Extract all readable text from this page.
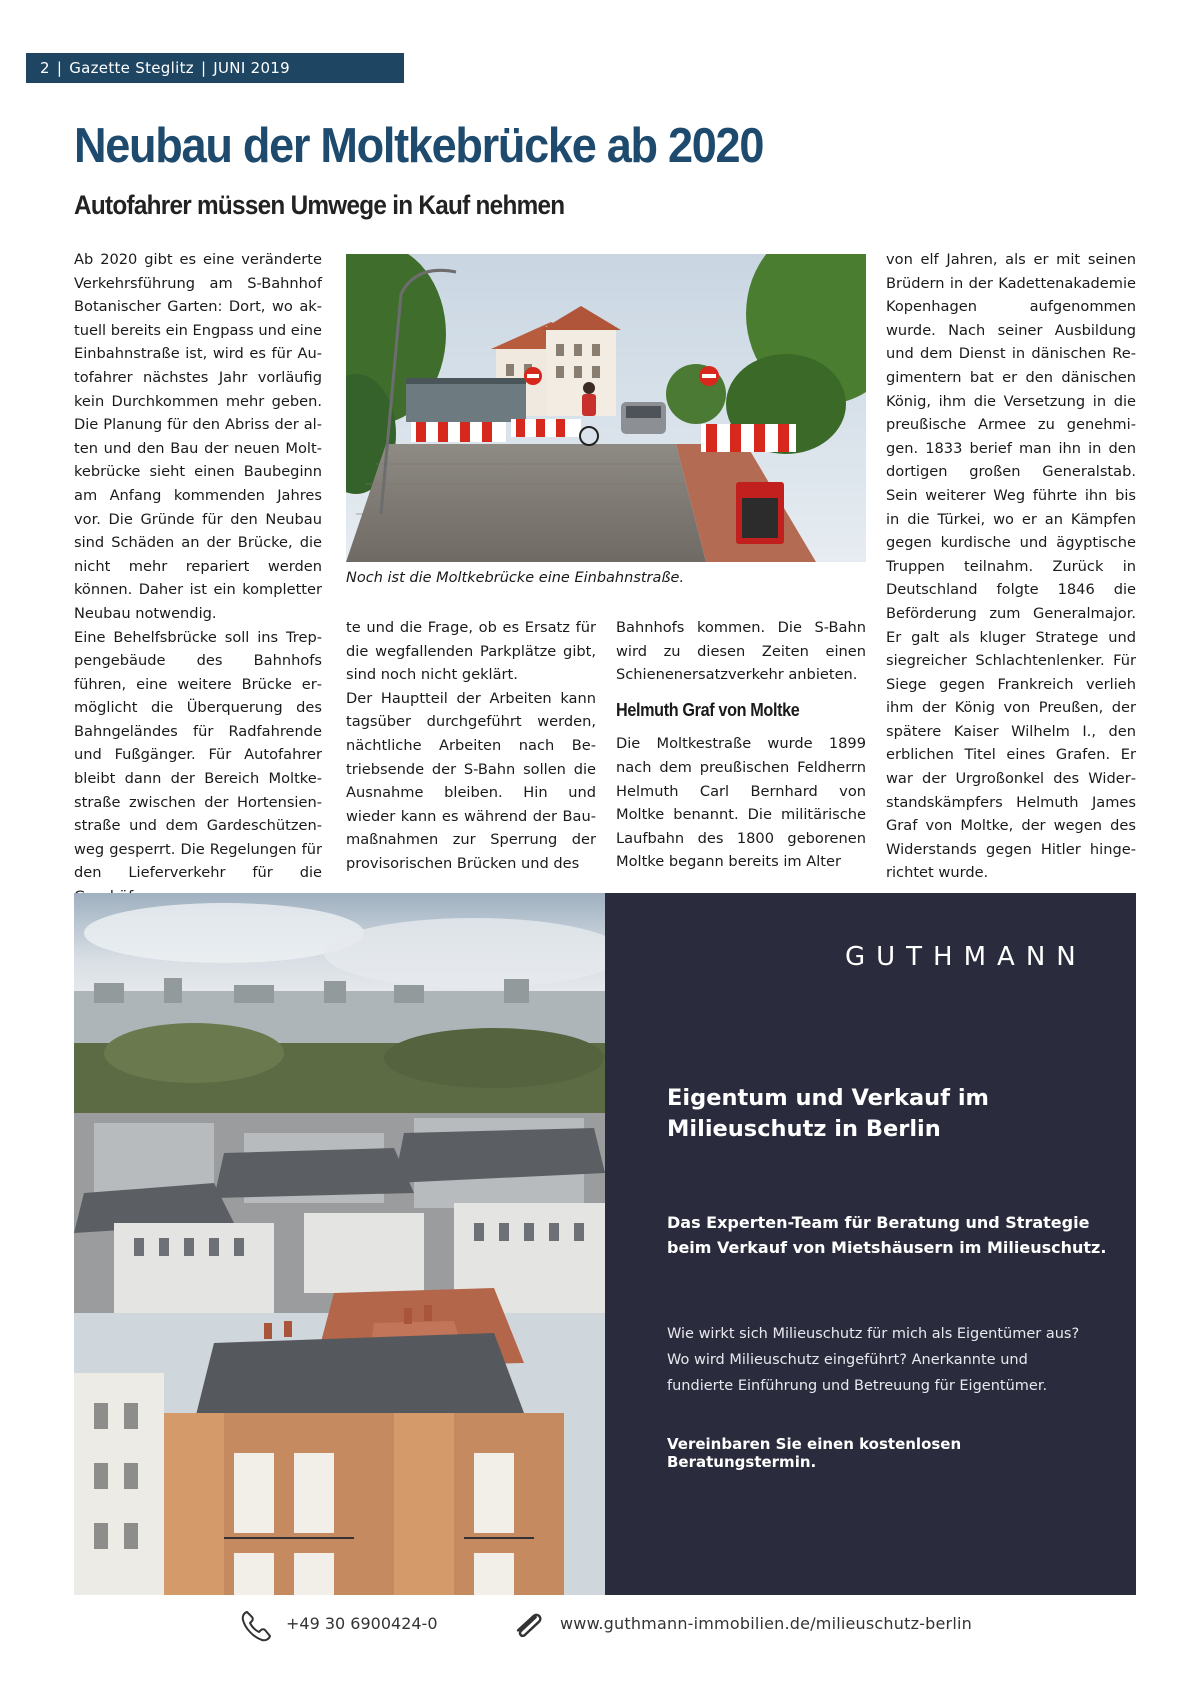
2 | Gazette Steglitz | JUNI 2019
Neubau der Moltkebrücke ab 2020
Autofahrer müssen Umwege in Kauf nehmen

Ab 2020 gibt es eine veränderte Verkehrsführung am S-Bahnhof Botanischer Garten: Dort, wo aktuell bereits ein Engpass und eine Einbahnstraße ist, wird es für Autofahrer nächstes Jahr vorläufig kein Durchkommen mehr geben. Die Planung für den Abriss der alten und den Bau der neuen Moltkebrücke sieht einen Baubeginn am Anfang kommenden Jahres vor. Die Gründe für den Neubau sind Schäden an der Brücke, die nicht mehr repariert werden können. Daher ist ein kompletter Neubau notwendig.

Eine Behelfsbrücke soll ins Treppengebäude des Bahnhofs führen, eine weitere Brücke ermöglicht die Überquerung des Bahngeländes für Radfahrende und Fußgänger. Für Autofahrer bleibt dann der Bereich Moltkestraße zwischen der Hortensienstraße und dem Gardeschützenweg gesperrt. Die Regelungen für den Lieferverkehr für die

Noch ist die Moltkebrücke eine Einbahnstraße.

te und die Frage, ob es Ersatz für die wegfallenden Parkplätze gibt, sind noch nicht geklärt.

Der Hauptteil der Arbeiten kann tagsüber durchgeführt werden, nächtliche Arbeiten nach Betriebsende der S-Bahn sollen die Ausnahme bleiben. Hin und wieder kann es während der Baumaßnahmen zur Sperrung der provisorischen Brücken und des

Bahnhofs kommen. Die S-Bahn wird zu diesen Zeiten einen Schienenersatzverkehr anbieten.

Helmuth Graf von Moltke

Die Moltkestraße wurde 1899 nach dem preußischen Feldherrn Helmuth Carl Bernhard von Moltke benannt. Die militärische Laufbahn des 1800 geborenen Moltke begann bereits im Alter

von elf Jahren, als er mit seinen Brüdern in der Kadettenakademie Kopenhagen aufgenommen wurde. Nach seiner Ausbildung und dem Dienst in dänischen Regimentern bat er den dänischen König, ihm die Versetzung in die preußische Armee zu genehmigen. 1833 berief man ihn in den dortigen großen Generalstab. Sein weiterer Weg führte ihn bis in die Türkei, wo er an Kämpfen gegen kurdische und ägyptische Truppen teilnahm. Zurück in Deutschland folgte 1846 die Beförderung zum Generalmajor. Er galt als kluger Stratege und siegreicher Schlachtenlenker. Für Siege gegen Frankreich verlieh ihm der König von Preußen, der spätere Kaiser Wilhelm I., den erblichen Titel eines Grafen. Er war der Urgroßonkel des Widerstandskämpfers Helmuth James Graf von Moltke, der wegen des Widerstands gegen Hitler hingerichtet wurde.

GUTHMANN
Eigentum und Verkauf im Milieuschutz in Berlin
Das Experten-Team für Beratung und Strategie beim Verkauf von Mietshäusern im Milieuschutz.
Wie wirkt sich Milieuschutz für mich als Eigentümer aus? Wo wird Milieuschutz eingeführt? Anerkannte und fundierte Einführung und Betreuung für Eigentümer.
Vereinbaren Sie einen kostenlosen Beratungstermin.
+49 30 6900424-0	www.guthmann-immobilien.de/milieuschutz-berlin
